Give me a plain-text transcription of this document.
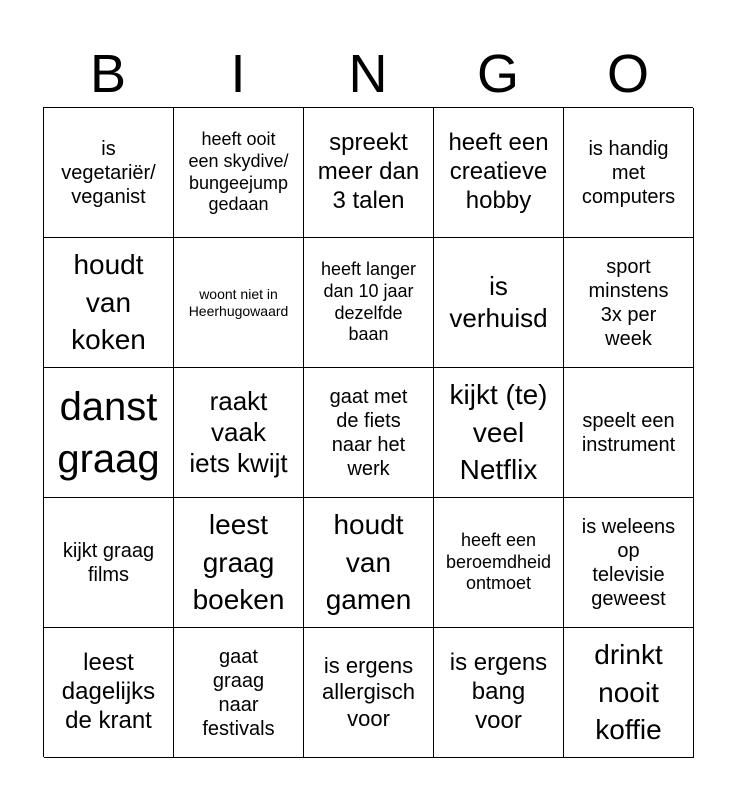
B	I	N	G	O
is
vegetariër/
veganist
heeft ooit
een skydive/
bungeejump
gedaan
spreekt
meer dan
3 talen
heeft een
creatieve
hobby
is handig
met
computers
houdt
van
koken
woont niet in
Heerhugowaard
heeft langer
dan 10 jaar
dezelfde
baan
is
verhuisd
sport
minstens
3x per
week
danst
graag
raakt
vaak
iets kwijt
gaat met
de fiets
naar het
werk
kijkt (te)
veel
Netflix
speelt een
instrument
kijkt graag
films
leest
graag
boeken
houdt
van
gamen
heeft een
beroemdheid
ontmoet
is weleens
op
televisie
geweest
leest
dagelijks
de krant
gaat
graag
naar
festivals
is ergens
allergisch
voor
is ergens
bang
voor
drinkt
nooit
koffie
